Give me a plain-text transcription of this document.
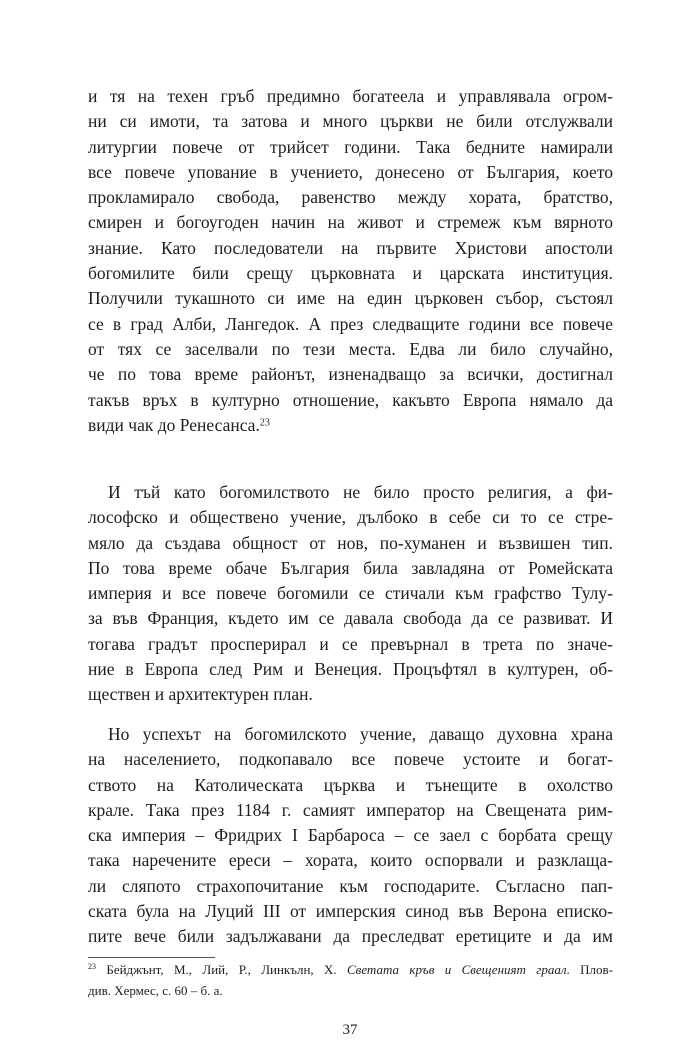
и тя на техен гръб предимно богатеела и управлявала огром-
ни си имоти, та затова и много църкви не били отслужвали
литургии повече от трийсет години. Така бедните намирали
все повече упование в учението, донесено от България, което
прокламирало свобода, равенство между хората, братство,
смирен и богоугоден начин на живот и стремеж към вярното
знание. Като последователи на първите Христови апостоли
богомилите били срещу църковната и царската институция.
Получили тукашното си име на един църковен събор, състоял
се в град Алби, Лангедок. А през следващите години все повече
от тях се заселвали по тези места. Едва ли било случайно,
че по това време районът, изненадващо за всички, достигнал
такъв връх в културно отношение, какъвто Европа нямало да
види чак до Ренесанса.$^{23}$
И тъй като богомилството не било просто религия, а фи-
лософско и обществено учение, дълбоко в себе си то се стре-
мяло да създава общност от нов, по-хуманен и възвишен тип.
По това време обаче България била завладяна от Ромейската
империя и все повече богомили се стичали към графство Тулу-
за във Франция, където им се давала свобода да се развиват. И
тогава градът просперирал и се превърнал в трета по значе-
ние в Европа след Рим и Венеция. Процъфтял в културен, об-
ществен и архитектурен план.
Но успехът на богомилското учение, даващо духовна храна
на населението, подкопавало все повече устоите и богат-
ството на Католическата църква и тънещите в охолство
крале. Така през 1184 г. самият император на Свещената рим-
ска империя – Фридрих I Барбароса – се заел с борбата срещу
така наречените ереси – хората, които оспорвали и разклаща-
ли сляпото страхопочитание към господарите. Съгласно пап-
ската була на Луций III от имперския синод във Верона еписко-
пите вече били задължавани да преследват еретиците и да им
$^{23}$ Бейджънт, М., Лий, Р., Линкълн, Х. Светата кръв и Свещеният граал. Плов-
див. Хермес, с. 60 – б. а.
37
